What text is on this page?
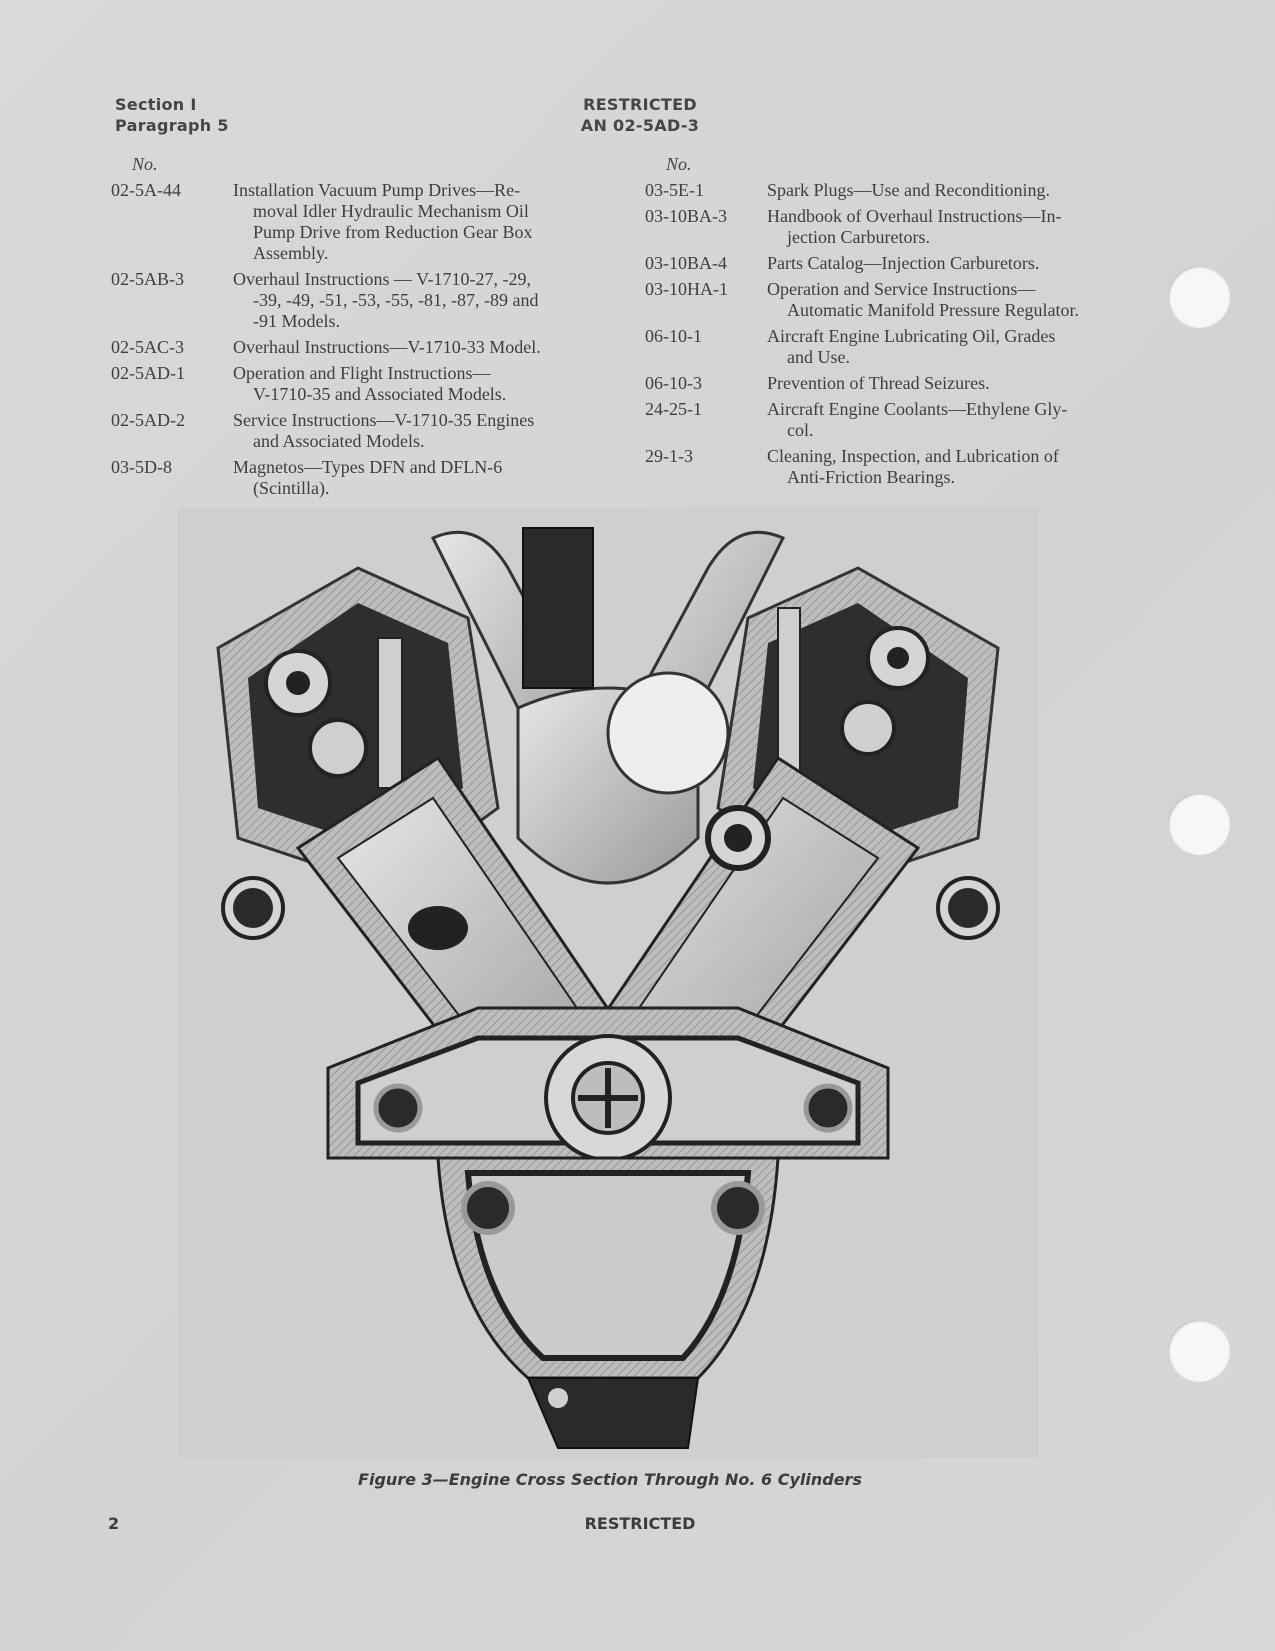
Section I
Paragraph 5
RESTRICTED
AN 02-5AD-3
No.	No.
02-5A-44	Installation Vacuum Pump Drives—Re-
moval Idler Hydraulic Mechanism Oil
Pump Drive from Reduction Gear Box
Assembly.
02-5AB-3	Overhaul Instructions — V-1710-27, -29,
-39, -49, -51, -53, -55, -81, -87, -89 and
-91 Models.
02-5AC-3	Overhaul Instructions—V-1710-33 Model.
02-5AD-1	Operation and Flight Instructions—
V-1710-35 and Associated Models.
02-5AD-2	Service Instructions—V-1710-35 Engines
and Associated Models.
03-5D-8	Magnetos—Types DFN and DFLN-6
(Scintilla).
03-5E-1	Spark Plugs—Use and Reconditioning.
03-10BA-3	Handbook of Overhaul Instructions—In-
jection Carburetors.
03-10BA-4	Parts Catalog—Injection Carburetors.
03-10HA-1	Operation and Service Instructions—
Automatic Manifold Pressure Regulator.
06-10-1	Aircraft Engine Lubricating Oil, Grades
and Use.
06-10-3	Prevention of Thread Seizures.
24-25-1	Aircraft Engine Coolants—Ethylene Gly-
col.
29-1-3	Cleaning, Inspection, and Lubrication of
Anti-Friction Bearings.
Figure 3—Engine Cross Section Through No. 6 Cylinders
2	RESTRICTED
